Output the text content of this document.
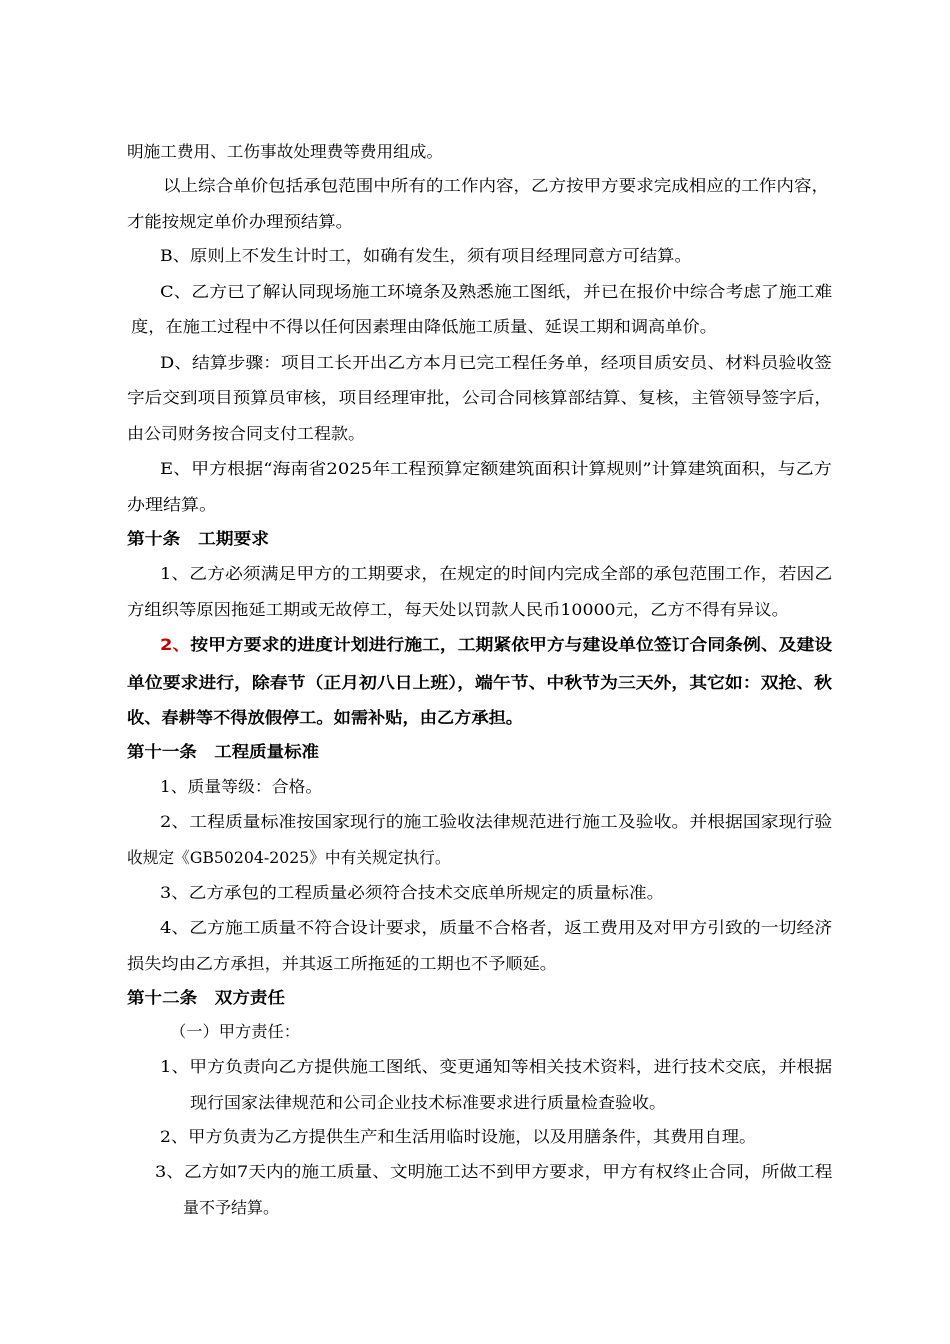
明施工费用、工伤事故处理费等费用组成。
以上综合单价包括承包范围中所有的工作内容，乙方按甲方要求完成相应的工作内容，
才能按规定单价办理预结算。
B、原则上不发生计时工，如确有发生，须有项目经理同意方可结算。
C、乙方已了解认同现场施工环境条及熟悉施工图纸，并已在报价中综合考虑了施工难
度，在施工过程中不得以任何因素理由降低施工质量、延误工期和调高单价。
D、结算步骤：项目工长开出乙方本月已完工程任务单，经项目质安员、材料员验收签
字后交到项目预算员审核，项目经理审批，公司合同核算部结算、复核，主管领导签字后，
由公司财务按合同支付工程款。
E、甲方根据“海南省2025年工程预算定额建筑面积计算规则”计算建筑面积，与乙方
办理结算。
第十条　工期要求
1、乙方必须满足甲方的工期要求，在规定的时间内完成全部的承包范围工作，若因乙
方组织等原因拖延工期或无故停工，每天处以罚款人民币10000元，乙方不得有异议。
2、按甲方要求的进度计划进行施工，工期紧依甲方与建设单位签订合同条例、及建设
单位要求进行，除春节（正月初八日上班），端午节、中秋节为三天外，其它如：双抢、秋
收、春耕等不得放假停工。如需补贴，由乙方承担。
第十一条　工程质量标准
1、质量等级：合格。
2、工程质量标准按国家现行的施工验收法律规范进行施工及验收。并根据国家现行验
收规定《GB50204-2025》中有关规定执行。
3、乙方承包的工程质量必须符合技术交底单所规定的质量标准。
4、乙方施工质量不符合设计要求，质量不合格者，返工费用及对甲方引致的一切经济
损失均由乙方承担，并其返工所拖延的工期也不予顺延。
第十二条　双方责任
（一）甲方责任：
1、甲方负责向乙方提供施工图纸、变更通知等相关技术资料，进行技术交底，并根据
现行国家法律规范和公司企业技术标准要求进行质量检查验收。
2、甲方负责为乙方提供生产和生活用临时设施，以及用膳条件，其费用自理。
3、乙方如7天内的施工质量、文明施工达不到甲方要求，甲方有权终止合同，所做工程
量不予结算。
